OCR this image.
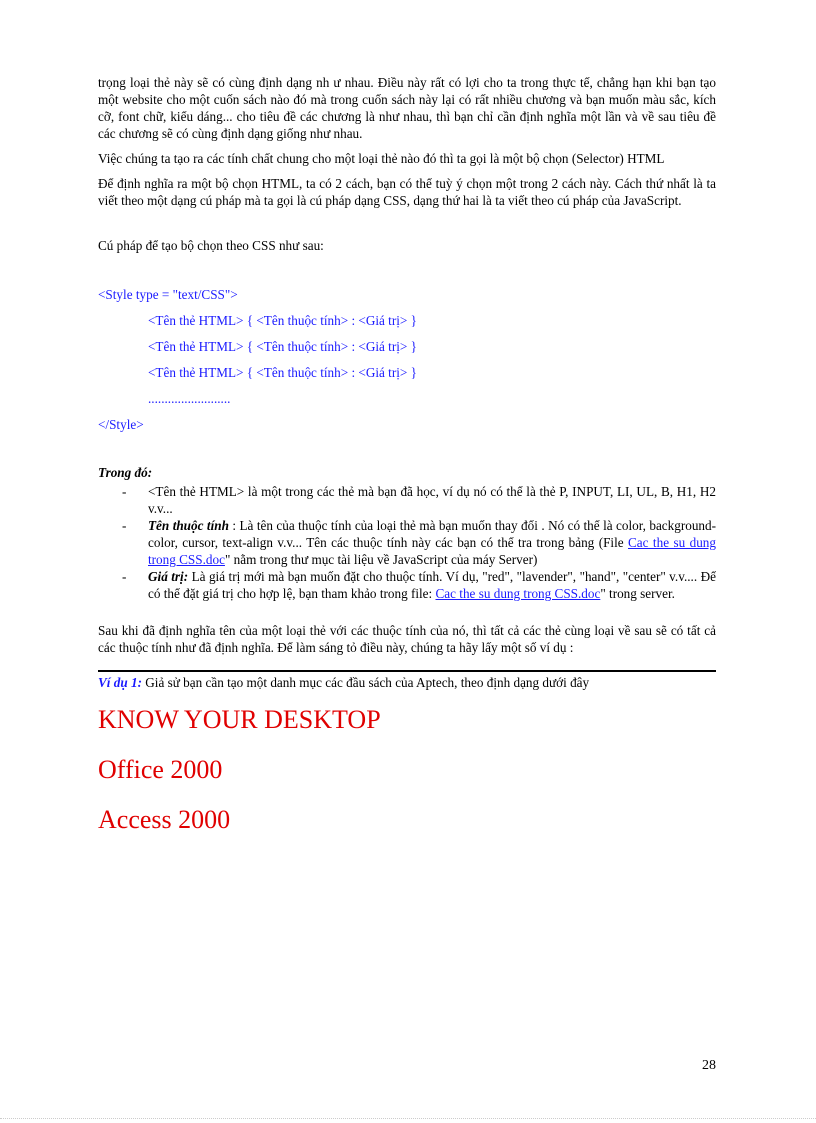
trọng loại thẻ này sẽ có cùng định dạng nh ư nhau. Điều này rất có lợi cho ta trong thực tế, chẳng hạn khi bạn tạo một website cho một cuốn sách nào đó mà trong cuốn sách này lại có rất nhiều chương và bạn muốn màu sắc, kích cỡ, font chữ, kiểu dáng... cho tiêu đề các chương là như nhau, thì bạn chỉ cần định nghĩa một lần và về sau tiêu đề các chương sẽ có cùng định dạng giống như nhau.

Việc chúng ta tạo ra các tính chất chung cho một loại thẻ nào đó thì ta gọi là một bộ chọn (Selector) HTML

Để định nghĩa ra một bộ chọn HTML, ta có 2 cách, bạn có thể tuỳ ý chọn một trong 2 cách này. Cách thứ nhất là ta viết theo một dạng cú pháp mà ta gọi là cú pháp dạng CSS, dạng thứ hai là ta viết theo cú pháp của JavaScript.

Cú pháp để tạo bộ chọn theo CSS như sau:

<Style type = "text/CSS">
<Tên thẻ HTML> { <Tên thuộc tính> : <Giá trị> }
<Tên thẻ HTML> { <Tên thuộc tính> : <Giá trị> }
<Tên thẻ HTML> { <Tên thuộc tính> : <Giá trị> }
.........................
</Style>
Trong đó:
- <Tên thẻ HTML> là một trong các thẻ mà bạn đã học, ví dụ nó có thể là thẻ P, INPUT, LI, UL, B, H1, H2 v.v...
- Tên thuộc tính : Là tên của thuộc tính của loại thẻ mà bạn muốn thay đổi . Nó có thể là color, background-color, cursor, text-align v.v... Tên các thuộc tính này các bạn có thể tra trong bảng (File Cac the su dung trong CSS.doc" nằm trong thư mục tài liệu về JavaScript của máy Server)
- Giá trị: Là giá trị mới mà bạn muốn đặt cho thuộc tính. Ví dụ, "red", "lavender", "hand", "center" v.v.... Để có thể đặt giá trị cho hợp lệ, bạn tham khảo trong file: Cac the su dung trong CSS.doc" trong server.

Sau khi đã định nghĩa tên của một loại thẻ với các thuộc tính của nó, thì tất cả các thẻ cùng loại về sau sẽ có tất cả các thuộc tính như đã định nghĩa. Để làm sáng tỏ điều này, chúng ta hãy lấy một số ví dụ :

Ví dụ 1: Giả sử bạn cần tạo một danh mục các đầu sách của Aptech, theo định dạng dưới đây

KNOW YOUR DESKTOP

Office 2000

Access 2000

28
